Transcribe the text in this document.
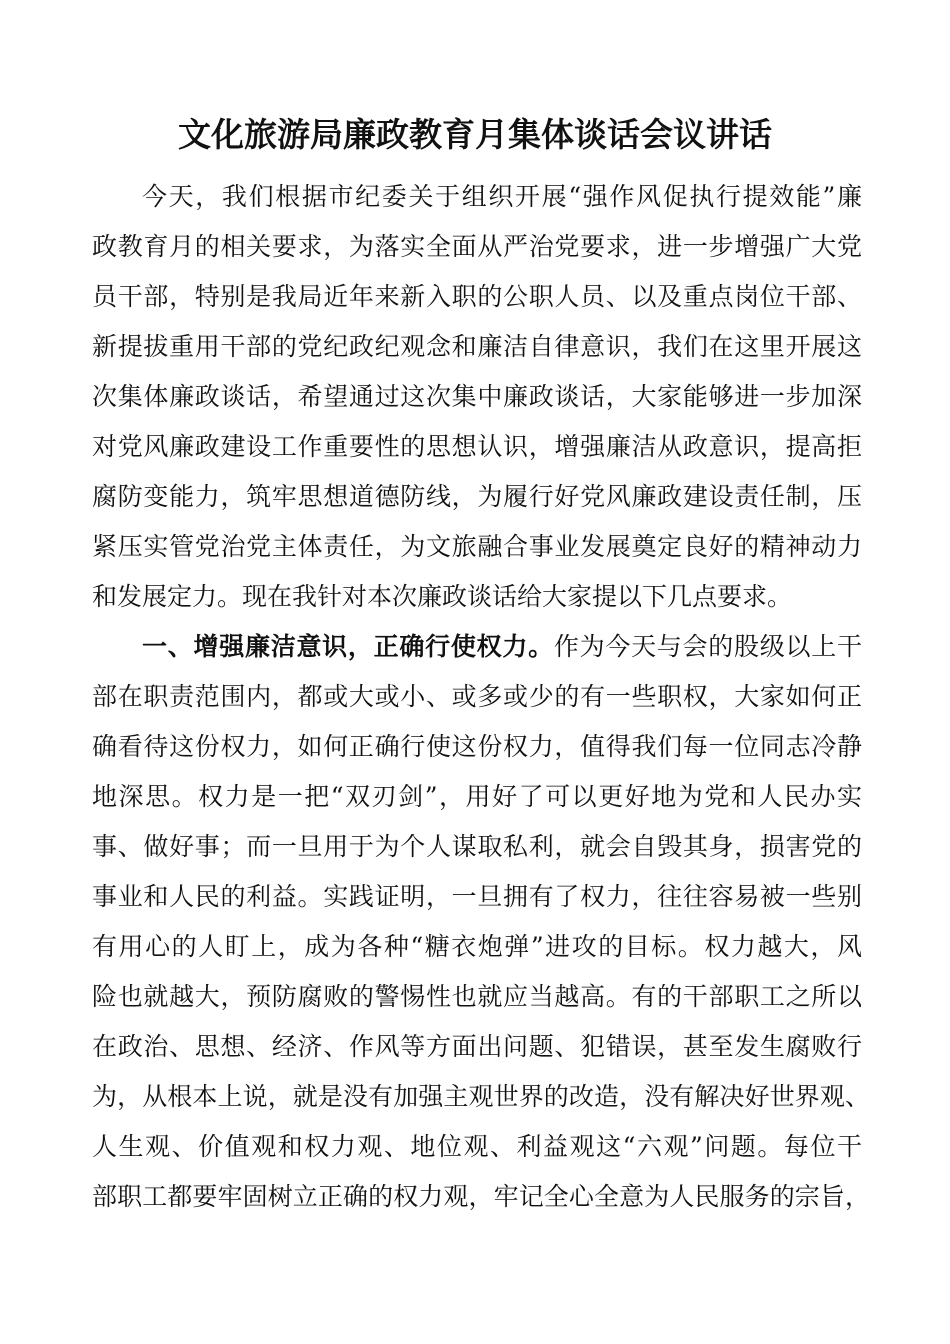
文化旅游局廉政教育月集体谈话会议讲话
今天，我们根据市纪委关于组织开展“强作风促执行提效能”廉
政教育月的相关要求，为落实全面从严治党要求，进一步增强广大党
员干部，特别是我局近年来新入职的公职人员、以及重点岗位干部、
新提拔重用干部的党纪政纪观念和廉洁自律意识，我们在这里开展这
次集体廉政谈话，希望通过这次集中廉政谈话，大家能够进一步加深
对党风廉政建设工作重要性的思想认识，增强廉洁从政意识，提高拒
腐防变能力，筑牢思想道德防线，为履行好党风廉政建设责任制，压
紧压实管党治党主体责任，为文旅融合事业发展奠定良好的精神动力
和发展定力。现在我针对本次廉政谈话给大家提以下几点要求。
一、增强廉洁意识，正确行使权力。作为今天与会的股级以上干
部在职责范围内，都或大或小、或多或少的有一些职权，大家如何正
确看待这份权力，如何正确行使这份权力，值得我们每一位同志冷静
地深思。权力是一把“双刃剑”，用好了可以更好地为党和人民办实
事、做好事；而一旦用于为个人谋取私利，就会自毁其身，损害党的
事业和人民的利益。实践证明，一旦拥有了权力，往往容易被一些别
有用心的人盯上，成为各种“糖衣炮弹”进攻的目标。权力越大，风
险也就越大，预防腐败的警惕性也就应当越高。有的干部职工之所以
在政治、思想、经济、作风等方面出问题、犯错误，甚至发生腐败行
为，从根本上说，就是没有加强主观世界的改造，没有解决好世界观、
人生观、价值观和权力观、地位观、利益观这“六观”问题。每位干
部职工都要牢固树立正确的权力观，牢记全心全意为人民服务的宗旨，
